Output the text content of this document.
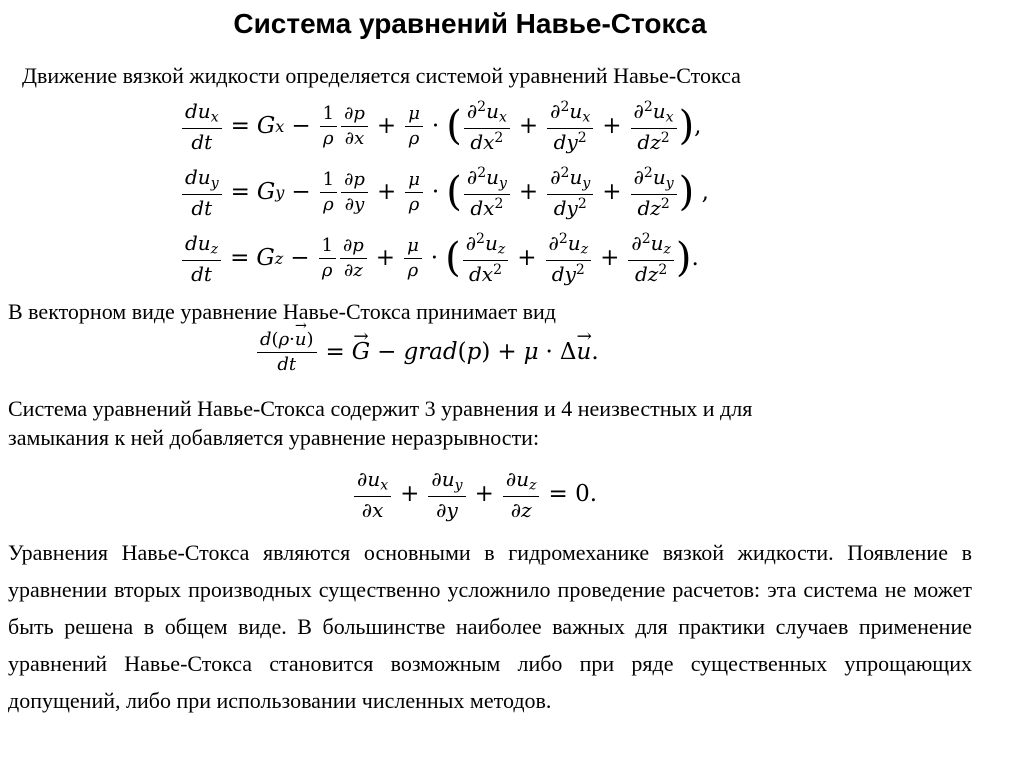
Система уравнений Навье-Стокса
Движение вязкой жидкости определяется системой уравнений Навье-Стокса
$\frac{du_x}{dt} = G$ $x - \frac{1}{\rho} \frac{\partial p}{\partial x} + \frac{\mu}{\rho}$ · ( $\frac{\partial^2u_x}{dx^2} + \frac{\partial^2u_x}{dy^2} + \frac{\partial^2u_x}{dz^2}$ ) ,
$\frac{du_y}{dt} = G$ $y - \frac{1}{\rho} \frac{\partial p}{\partial y} + \frac{\mu}{\rho}$ · ( $\frac{\partial^2u_y}{dx^2} + \frac{\partial^2u_y}{dy^2} + \frac{\partial^2u_y}{dz^2}$ )
,
$\frac{du_z}{dt} = G$ $z - \frac{1}{\rho} \frac{\partial p}{\partial z} + \frac{\mu}{\rho}$ · ( $\frac{\partial^2u_z}{dx^2} + \frac{\partial^2u_z}{dy^2} + \frac{\partial^2u_z}{dz^2}$ ) .
В векторном виде уравнение Навье-Стокса принимает вид
$\frac{d(\rho\cdot\to u)}{dt}$ = → G − grad ( p ) + μ · Δ → u .
Система уравнений Навье-Стокса содержит 3 уравнения и 4 неизвестных и для
замыкания к ней добавляется уравнение неразрывности:
$\frac{\partial u_x}{\partial x} + \frac{\partial u_y}{\partial y} + \frac{\partial u_z}{\partial z} = 0$.
Уравнения Навье-Стокса являются основными в гидромеханике вязкой жидкости. Появление в уравнении вторых производных существенно усложнило проведение расчетов: эта система не может быть решена в общем виде. В большинстве наиболее важных для практики случаев применение уравнений Навье-Стокса становится возможным либо при ряде существенных упрощающих допущений, либо при использовании численных методов.
